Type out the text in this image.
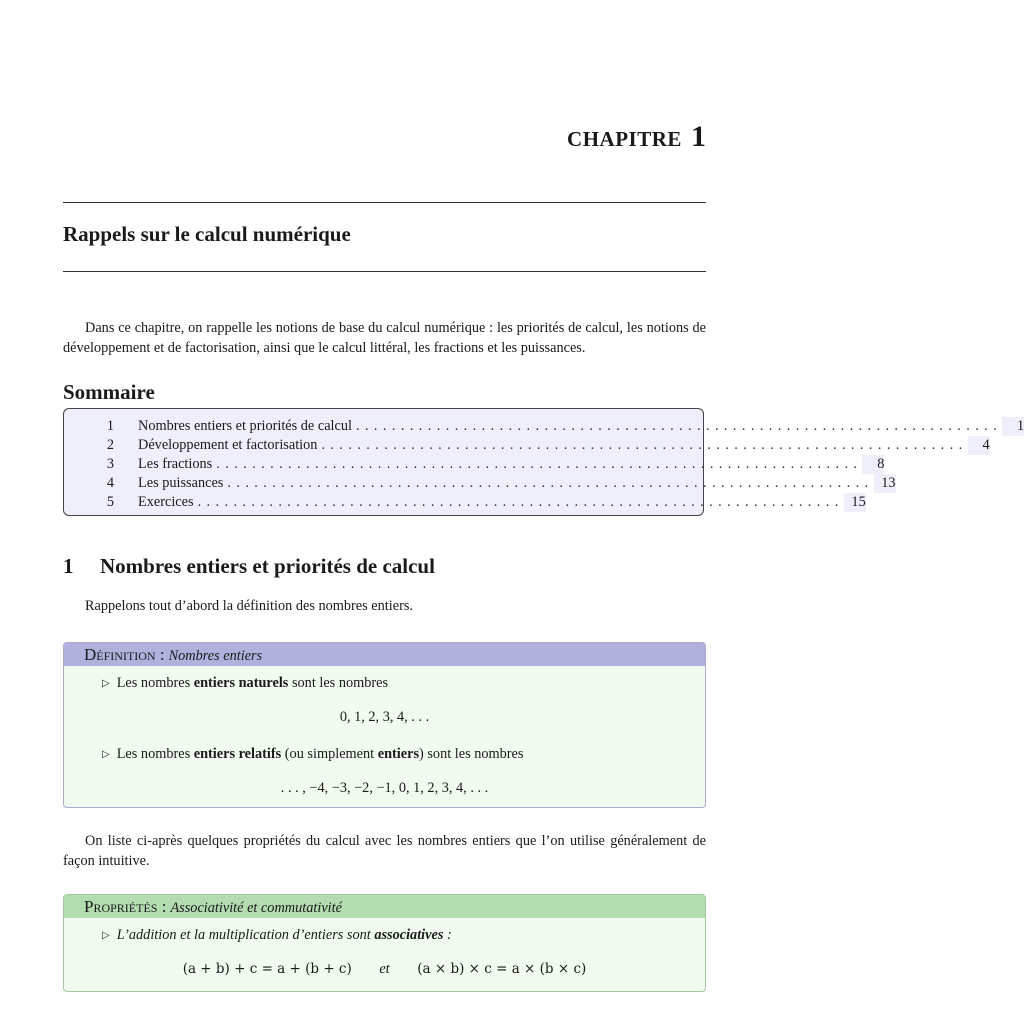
CHAPITRE 1
Rappels sur le calcul numérique
Dans ce chapitre, on rappelle les notions de base du calcul numérique : les priorités de calcul, les notions de développement et de factorisation, ainsi que le calcul littéral, les fractions et les puissances.
Sommaire
1 Nombres entiers et priorités de calcul ........................................................................	1
2 Développement et factorisation ........................................................................	4
3 Les fractions ........................................................................	8
4 Les puissances ........................................................................ 13
5 Exercices ........................................................................ 15
1 Nombres entiers et priorités de calcul
Rappelons tout d’abord la définition des nombres entiers.
Définition : Nombres entiers
▷ Les nombres entiers naturels sont les nombres
0, 1, 2, 3, 4, . . .
▷ Les nombres entiers relatifs (ou simplement entiers) sont les nombres
. . . , −4, −3, −2, −1, 0, 1, 2, 3, 4, . . .
On liste ci-après quelques propriétés du calcul avec les nombres entiers que l’on utilise généralement de façon intuitive.
Propriétés : Associativité et commutativité
▷ L’addition et la multiplication d’entiers sont associatives :
(a + b) + c = a + (b + c) et (a × b) × c = a × (b × c)
